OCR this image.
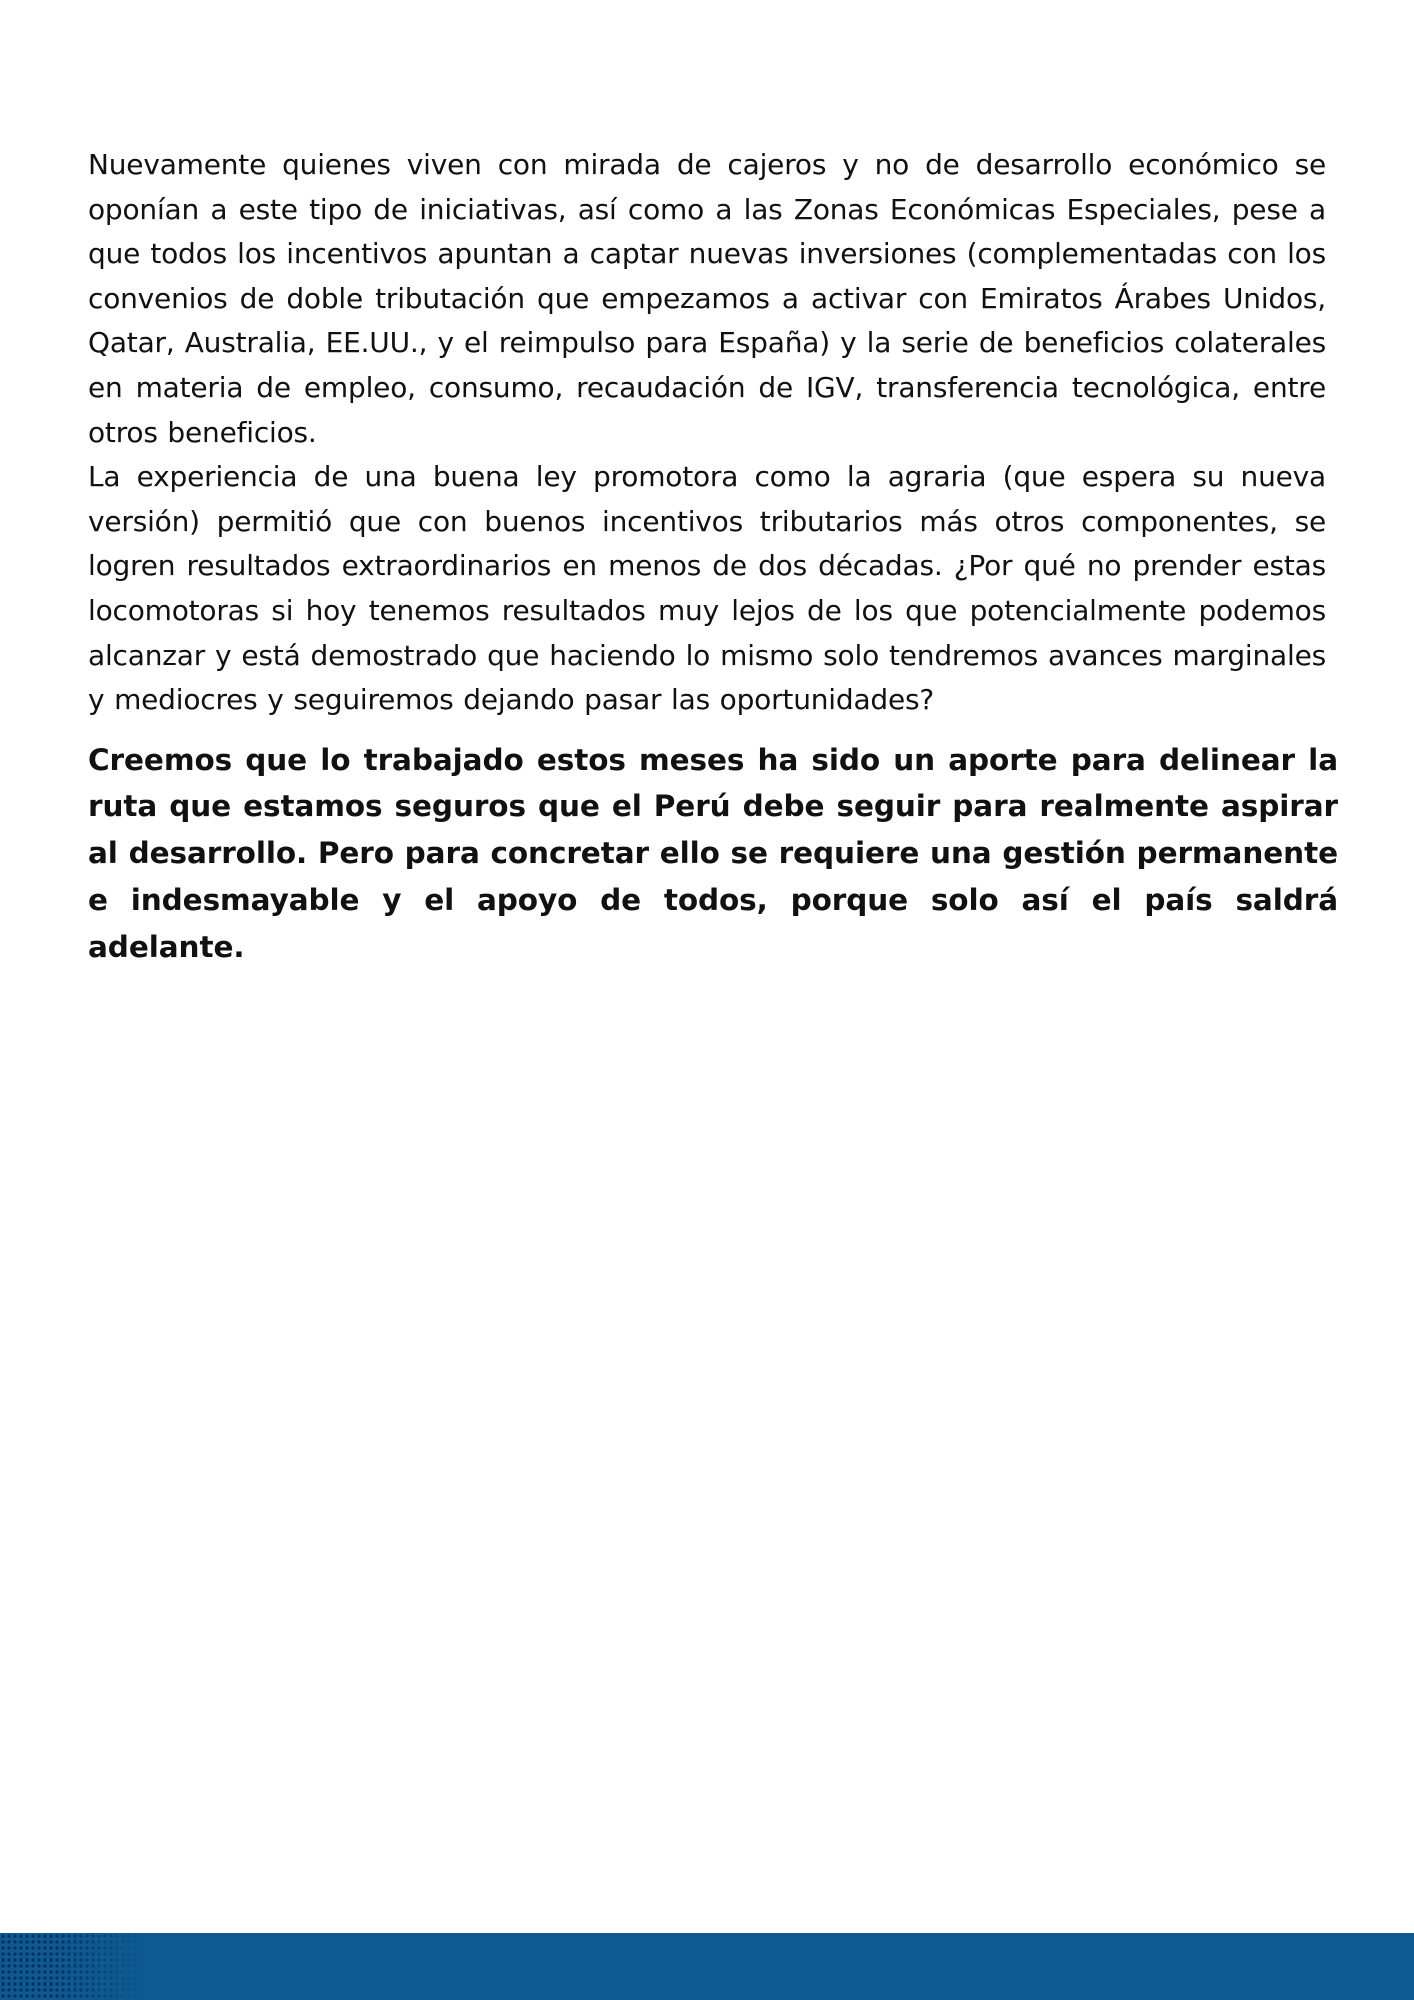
Nuevamente quienes viven con mirada de cajeros y no de desarrollo económico se oponían a este tipo de iniciativas, así como a las Zonas Económicas Especiales, pese a que todos los incentivos apuntan a captar nuevas inversiones (complementadas con los convenios de doble tributación que empezamos a activar con Emiratos Árabes Unidos, Qatar, Australia, EE.UU., y el reimpulso para España) y la serie de beneficios colaterales en materia de empleo, consumo, recaudación de IGV, transferencia tecnológica, entre otros beneficios.

La experiencia de una buena ley promotora como la agraria (que espera su nueva versión) permitió que con buenos incentivos tributarios más otros componentes, se logren resultados extraordinarios en menos de dos décadas. ¿Por qué no prender estas locomotoras si hoy tenemos resultados muy lejos de los que potencialmente podemos alcanzar y está demostrado que haciendo lo mismo solo tendremos avances marginales y mediocres y seguiremos dejando pasar las oportunidades?

Creemos que lo trabajado estos meses ha sido un aporte para delinear la ruta que estamos seguros que el Perú debe seguir para realmente aspirar al desarrollo. Pero para concretar ello se requiere una gestión permanente e indesmayable y el apoyo de todos, porque solo así el país saldrá adelante.
